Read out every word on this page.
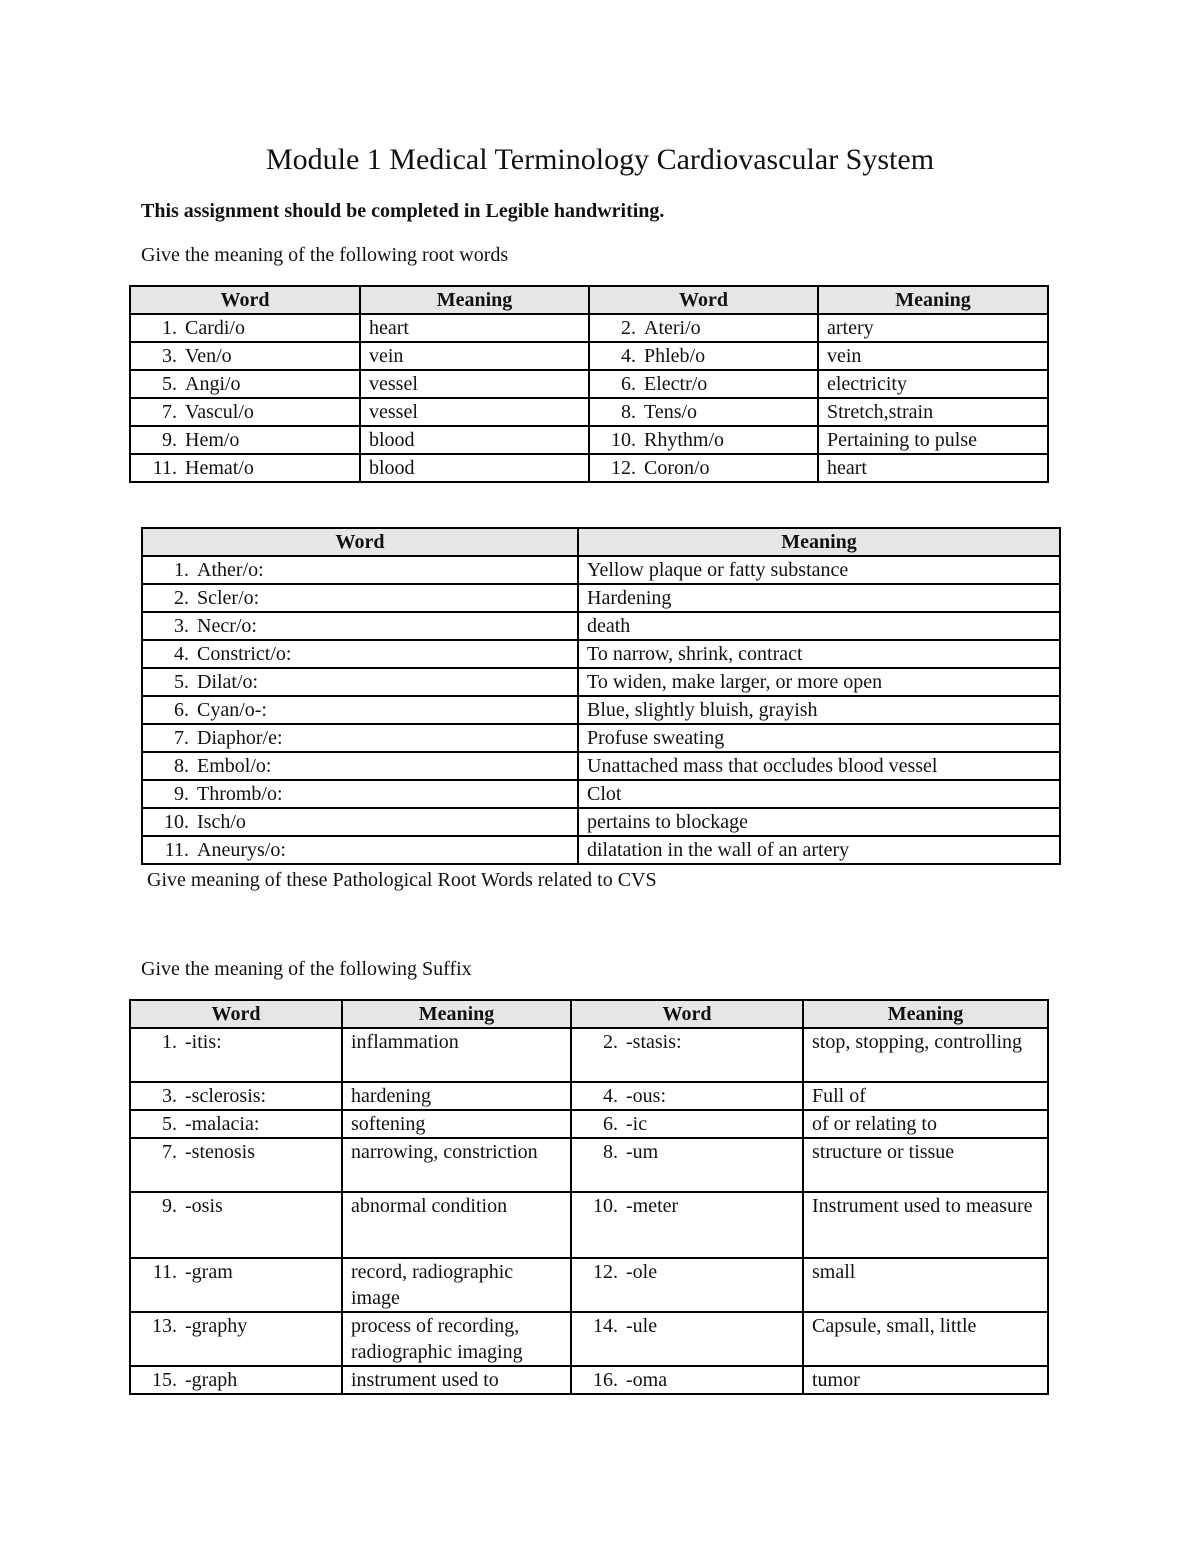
Module 1 Medical Terminology Cardiovascular System
This assignment should be completed in Legible handwriting.
Give the meaning of the following root words
Word	Meaning	Word	Meaning
1. Cardi/o	heart	2. Ateri/o	artery
3. Ven/o	vein	4. Phleb/o	vein
5. Angi/o	vessel	6. Electr/o	electricity
7. Vascul/o	vessel	8. Tens/o	Stretch,strain
9. Hem/o	blood	10. Rhythm/o	Pertaining to pulse
11. Hemat/o	blood	12. Coron/o	heart
Word	Meaning
1. Ather/o:	Yellow plaque or fatty substance
2. Scler/o:	Hardening
3. Necr/o:	death
4. Constrict/o:	To narrow, shrink, contract
5. Dilat/o:	To widen, make larger, or more open
6. Cyan/o-:	Blue, slightly bluish, grayish
7. Diaphor/e:	Profuse sweating
8. Embol/o:	Unattached mass that occludes blood vessel
9. Thromb/o:	Clot
10. Isch/o	pertains to blockage
11. Aneurys/o:	dilatation in the wall of an artery
Give meaning of these Pathological Root Words related to CVS
Give the meaning of the following Suffix
Word	Meaning	Word	Meaning
1. -itis:	inflammation	2. -stasis:	stop, stopping, controlling
3. -sclerosis:	hardening	4. -ous:	Full of
5. -malacia:	softening	6. -ic	of or relating to
7. -stenosis	narrowing, constriction	8. -um	structure or tissue
9. -osis	abnormal condition	10. -meter	Instrument used to measure
11. -gram	record, radiographic image	12. -ole	small
13. -graphy	process of recording, radiographic imaging	14. -ule	Capsule, small, little
15. -graph	instrument used to	16. -oma	tumor
